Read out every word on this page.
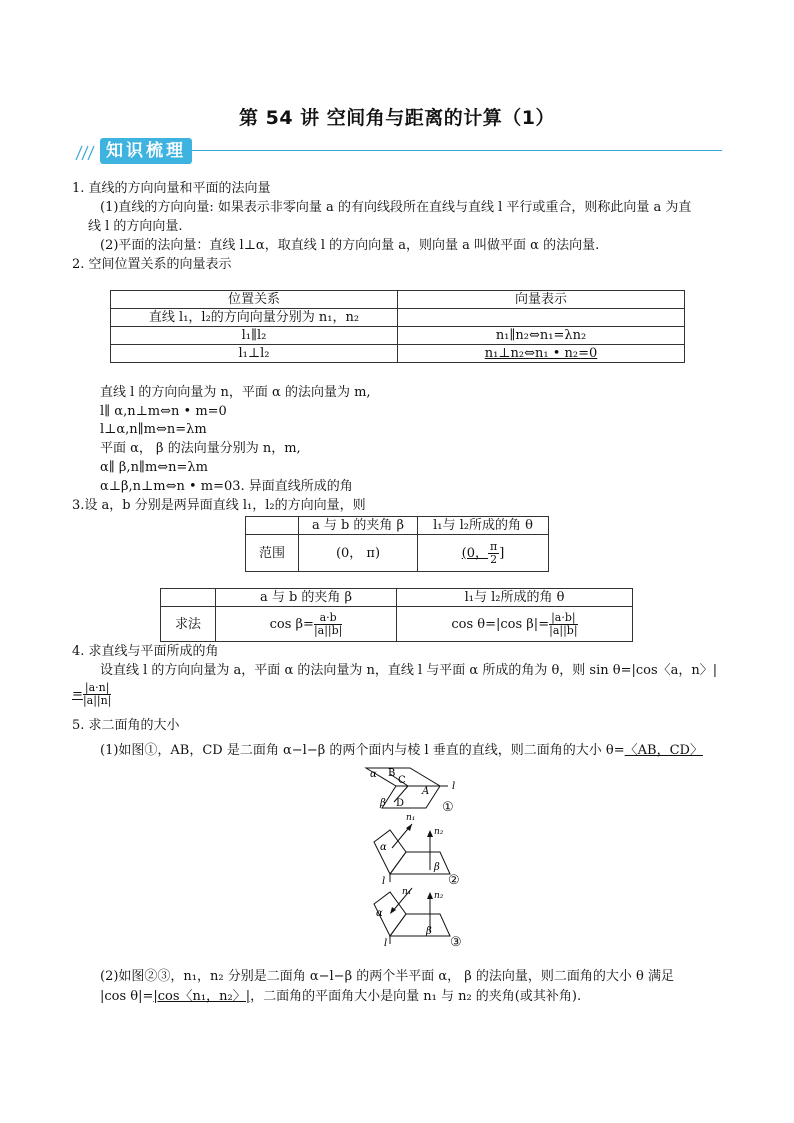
第 54 讲 空间角与距离的计算（1）
知识梳理
1. 直线的方向向量和平面的法向量
(1)直线的方向向量: 如果表示非零向量 a 的有向线段所在直线与直线 l 平行或重合，则称此向量 a 为直
线 l 的方向向量.
(2)平面的法向量：直线 l⊥α，取直线 l 的方向向量 a，则向量 a 叫做平面 α 的法向量.
2. 空间位置关系的向量表示
位置关系	向量表示
直线 l₁，l₂的方向向量分别为 n₁，n₂	
l₁∥l₂	n₁∥n₂⇔n₁=λn₂
l₁⊥l₂	n₁⊥n₂⇔n₁ • n₂=0
直线 l 的方向向量为 n，平面 α 的法向量为 m,
l∥ α,n⊥m⇔n • m=0
l⊥α,n∥m⇔n=λm
平面 α， β 的法向量分别为 n，m,
α∥ β,n∥m⇔n=λm
α⊥β,n⊥m⇔n • m=03. 异面直线所成的角
3.设 a，b 分别是两异面直线 l₁，l₂的方向向量，则
	a 与 b 的夹角 β	l₁与 l₂所成的角 θ
范围	(0， π)	(0， $\frac{\pi}{2}$ ]
	a 与 b 的夹角 β	l₁与 l₂所成的角 θ
求法	$\cos \beta= \frac{a\cdot b}{|a||b|}$	cos θ=|cos $\beta|= \frac{|a\cdot b|}{|a||b|}$
4. 求直线与平面所成的角
设直线 l 的方向向量为 a，平面 α 的法向量为 n，直线 l 与平面 α 所成的角为 θ，则 sin θ=|cos〈a，n〉|
= $\frac{|a\cdot n|}{|a||n|}$
5. 求二面角的大小
(1)如图①，AB，CD 是二面角 α−l−β 的两个面内与棱 l 垂直的直线，则二面角的大小 θ=〈AB，CD〉
α B
C
A
D
β
l
①
α
β
n₁
n₂
l	②
α
β
n₁	n₂
l	③
(2)如图②③，n₁，n₂ 分别是二面角 α−l−β 的两个半平面 α， β 的法向量，则二面角的大小 θ 满足
|cos θ|=|cos〈n₁，n₂〉|，二面角的平面角大小是向量 n₁ 与 n₂ 的夹角(或其补角).
